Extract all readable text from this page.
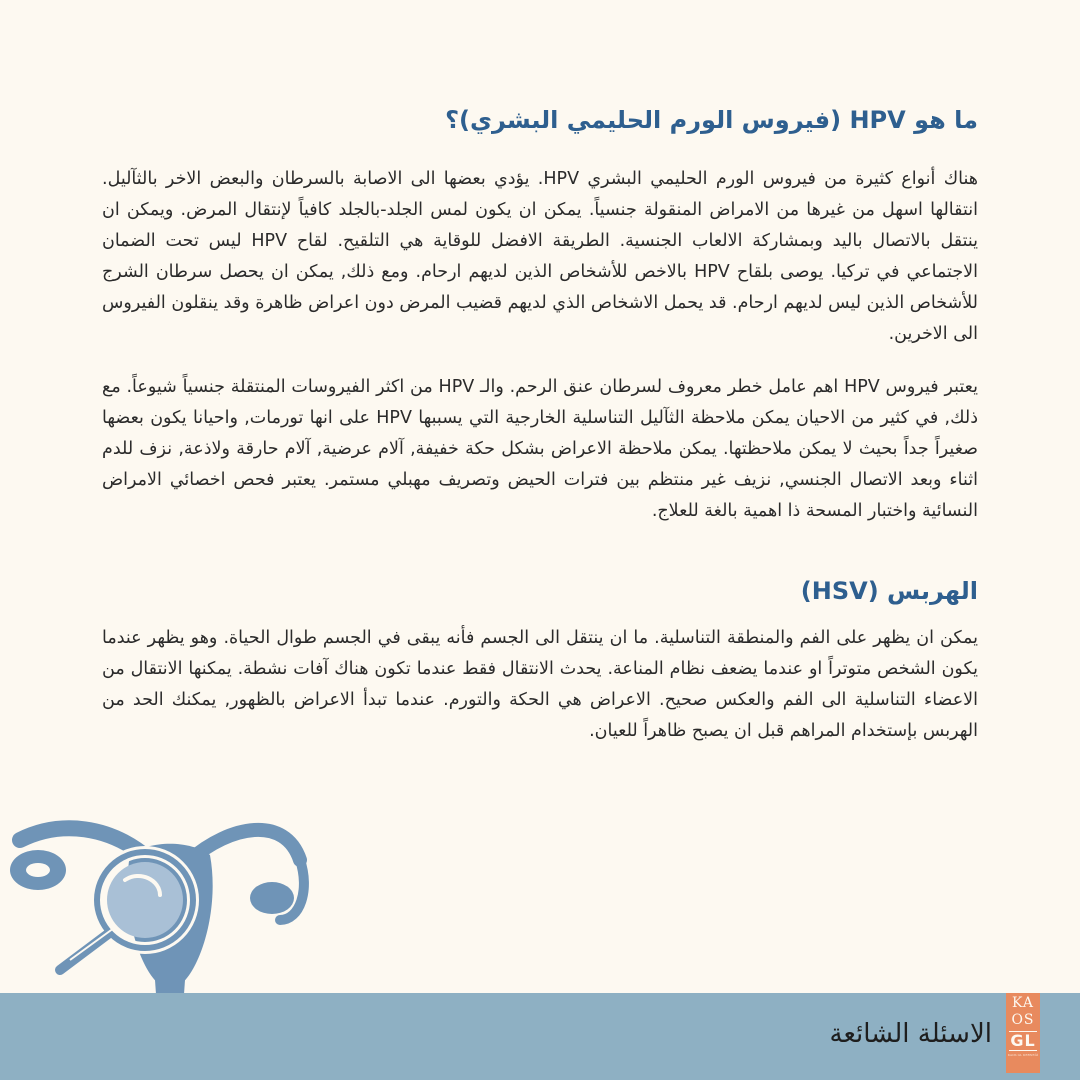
ما هو HPV (فيروس الورم الحليمي البشري)؟

هناك أنواع كثيرة من فيروس الورم الحليمي البشري HPV. يؤدي بعضها الى الاصابة بالسرطان والبعض الاخر بالثآليل. انتقالها اسهل من غيرها من الامراض المنقولة جنسياً. يمكن ان يكون لمس الجلد-بالجلد كافياً لإنتقال المرض. ويمكن ان ينتقل بالاتصال باليد وبمشاركة الالعاب الجنسية. الطريقة الافضل للوقاية هي التلقيح. لقاح HPV ليس تحت الضمان الاجتماعي في تركيا. يوصى بلقاح HPV بالاخص للأشخاص الذين لديهم ارحام. ومع ذلك, يمكن ان يحصل سرطان الشرج للأشخاص الذين ليس لديهم ارحام. قد يحمل الاشخاص الذي لديهم قضيب المرض دون اعراض ظاهرة وقد ينقلون الفيروس الى الاخرين.

يعتبر فيروس HPV اهم عامل خطر معروف لسرطان عنق الرحم. والـ HPV من اكثر الفيروسات المنتقلة جنسياً شيوعاً. مع ذلك, في كثير من الاحيان يمكن ملاحظة الثآليل التناسلية الخارجية التي يسببها HPV على انها تورمات, واحيانا يكون بعضها صغيراً جداً بحيث لا يمكن ملاحظتها. يمكن ملاحظة الاعراض بشكل حكة خفيفة, آلام عرضية, آلام حارقة ولاذعة, نزف للدم اثناء وبعد الاتصال الجنسي, نزيف غير منتظم بين فترات الحيض وتصريف مهبلي مستمر. يعتبر فحص اخصائي الامراض النسائية واختبار المسحة ذا اهمية بالغة للعلاج.

الهربس (HSV)

يمكن ان يظهر على الفم والمنطقة التناسلية. ما ان ينتقل الى الجسم فأنه يبقى في الجسم طوال الحياة. وهو يظهر عندما يكون الشخص متوتراً او عندما يضعف نظام المناعة. يحدث الانتقال فقط عندما تكون هناك آفات نشطة. يمكنها الانتقال من الاعضاء التناسلية الى الفم والعكس صحيح. الاعراض هي الحكة والتورم. عندما تبدأ الاعراض بالظهور, يمكنك الحد من الهربس بإستخدام المراهم قبل ان يصبح ظاهراً للعيان.

الاسئلة الشائعة
KA
OS
GL
KAOS GL DERNEĞİ
